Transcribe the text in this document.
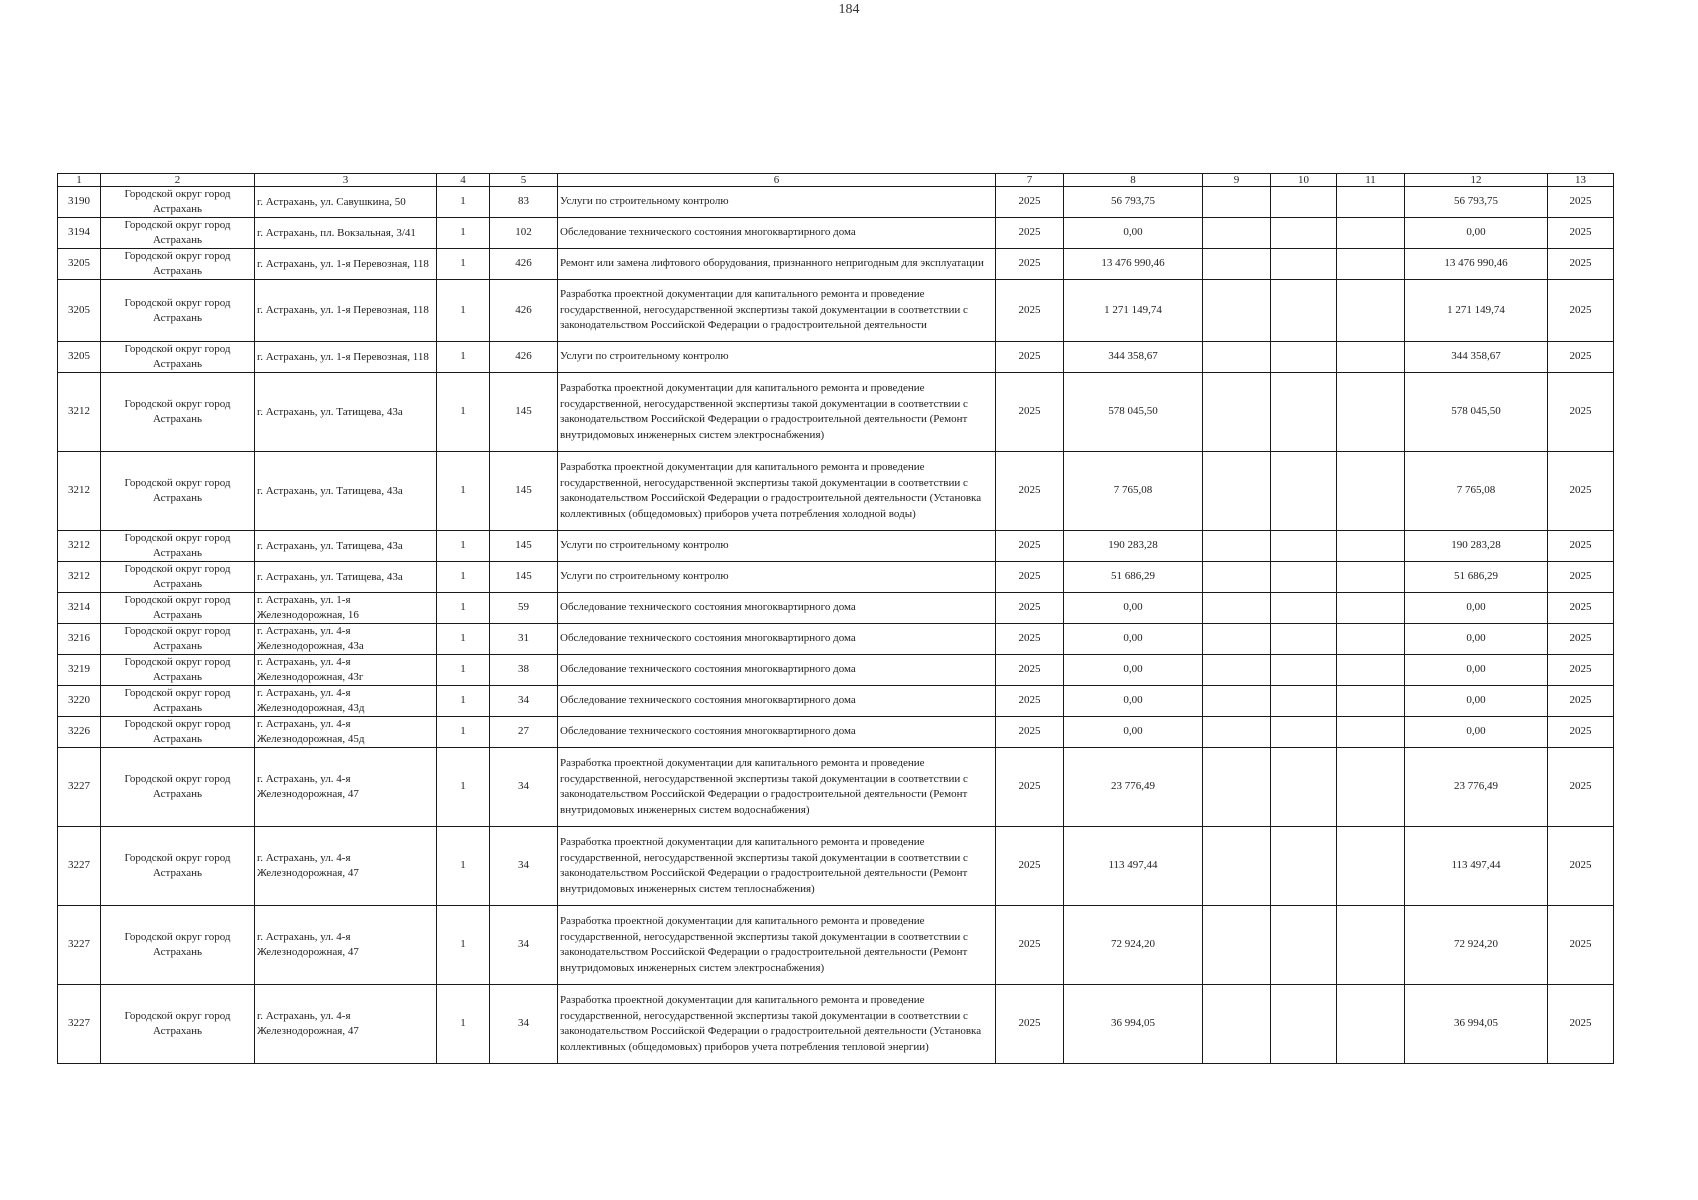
184
1	2	3	4	5	6	7	8	9	10	11	12	13
3190	Городской округ город Астрахань	г. Астрахань, ул. Савушкина, 50	1	83	Услуги по строительному контролю	2025	56 793,75				56 793,75	2025
3194	Городской округ город Астрахань	г. Астрахань, пл. Вокзальная, 3/41	1	102	Обследование технического состояния многоквартирного дома	2025	0,00				0,00	2025
3205	Городской округ город Астрахань	г. Астрахань, ул. 1-я Перевозная, 118	1	426	Ремонт или замена лифтового оборудования, признанного непригодным для эксплуатации	2025	13 476 990,46				13 476 990,46	2025
3205	Городской округ город Астрахань	г. Астрахань, ул. 1-я Перевозная, 118	1	426	Разработка проектной документации для капитального ремонта и проведение государственной, негосударственной экспертизы такой документации в соответствии с законодательством Российской Федерации о градостроительной деятельности	2025	1 271 149,74				1 271 149,74	2025
3205	Городской округ город Астрахань	г. Астрахань, ул. 1-я Перевозная, 118	1	426	Услуги по строительному контролю	2025	344 358,67				344 358,67	2025
3212	Городской округ город Астрахань	г. Астрахань, ул. Татищева, 43а	1	145	Разработка проектной документации для капитального ремонта и проведение государственной, негосударственной экспертизы такой документации в соответствии с законодательством Российской Федерации о градостроительной деятельности (Ремонт внутридомовых инженерных систем электроснабжения)	2025	578 045,50				578 045,50	2025
3212	Городской округ город Астрахань	г. Астрахань, ул. Татищева, 43а	1	145	Разработка проектной документации для капитального ремонта и проведение государственной, негосударственной экспертизы такой документации в соответствии с законодательством Российской Федерации о градостроительной деятельности (Установка коллективных (общедомовых) приборов учета потребления холодной воды)	2025	7 765,08				7 765,08	2025
3212	Городской округ город Астрахань	г. Астрахань, ул. Татищева, 43а	1	145	Услуги по строительному контролю	2025	190 283,28				190 283,28	2025
3212	Городской округ город Астрахань	г. Астрахань, ул. Татищева, 43а	1	145	Услуги по строительному контролю	2025	51 686,29				51 686,29	2025
3214	Городской округ город Астрахань	г. Астрахань, ул. 1-я Железнодорожная, 16	1	59	Обследование технического состояния многоквартирного дома	2025	0,00				0,00	2025
3216	Городской округ город Астрахань	г. Астрахань, ул. 4-я Железнодорожная, 43а	1	31	Обследование технического состояния многоквартирного дома	2025	0,00				0,00	2025
3219	Городской округ город Астрахань	г. Астрахань, ул. 4-я Железнодорожная, 43г	1	38	Обследование технического состояния многоквартирного дома	2025	0,00				0,00	2025
3220	Городской округ город Астрахань	г. Астрахань, ул. 4-я Железнодорожная, 43д	1	34	Обследование технического состояния многоквартирного дома	2025	0,00				0,00	2025
3226	Городской округ город Астрахань	г. Астрахань, ул. 4-я Железнодорожная, 45д	1	27	Обследование технического состояния многоквартирного дома	2025	0,00				0,00	2025
3227	Городской округ город Астрахань	г. Астрахань, ул. 4-я Железнодорожная, 47	1	34	Разработка проектной документации для капитального ремонта и проведение государственной, негосударственной экспертизы такой документации в соответствии с законодательством Российской Федерации о градостроительной деятельности (Ремонт внутридомовых инженерных систем водоснабжения)	2025	23 776,49				23 776,49	2025
3227	Городской округ город Астрахань	г. Астрахань, ул. 4-я Железнодорожная, 47	1	34	Разработка проектной документации для капитального ремонта и проведение государственной, негосударственной экспертизы такой документации в соответствии с законодательством Российской Федерации о градостроительной деятельности (Ремонт внутридомовых инженерных систем теплоснабжения)	2025	113 497,44				113 497,44	2025
3227	Городской округ город Астрахань	г. Астрахань, ул. 4-я Железнодорожная, 47	1	34	Разработка проектной документации для капитального ремонта и проведение государственной, негосударственной экспертизы такой документации в соответствии с законодательством Российской Федерации о градостроительной деятельности (Ремонт внутридомовых инженерных систем электроснабжения)	2025	72 924,20				72 924,20	2025
3227	Городской округ город Астрахань	г. Астрахань, ул. 4-я Железнодорожная, 47	1	34	Разработка проектной документации для капитального ремонта и проведение государственной, негосударственной экспертизы такой документации в соответствии с законодательством Российской Федерации о градостроительной деятельности (Установка коллективных (общедомовых) приборов учета потребления тепловой энергии)	2025	36 994,05				36 994,05	2025
